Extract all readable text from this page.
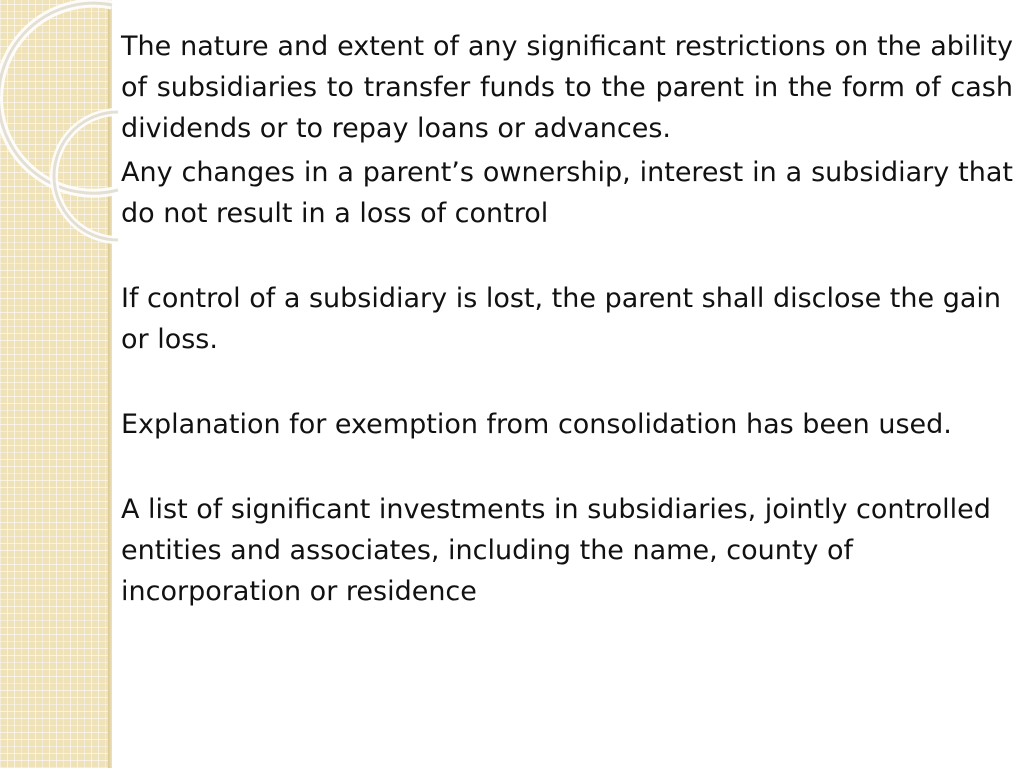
The nature and extent of any significant restrictions on the ability of subsidiaries to transfer funds to the parent in the form of cash dividends or to repay loans or advances.

Any changes in a parent’s ownership, interest in a subsidiary that do not result in a loss of control

If control of a subsidiary is lost, the parent shall disclose the gain or loss.

Explanation for exemption from consolidation has been used.

A list of significant investments in subsidiaries, jointly controlled entities and associates, including the name, county of incorporation or residence
